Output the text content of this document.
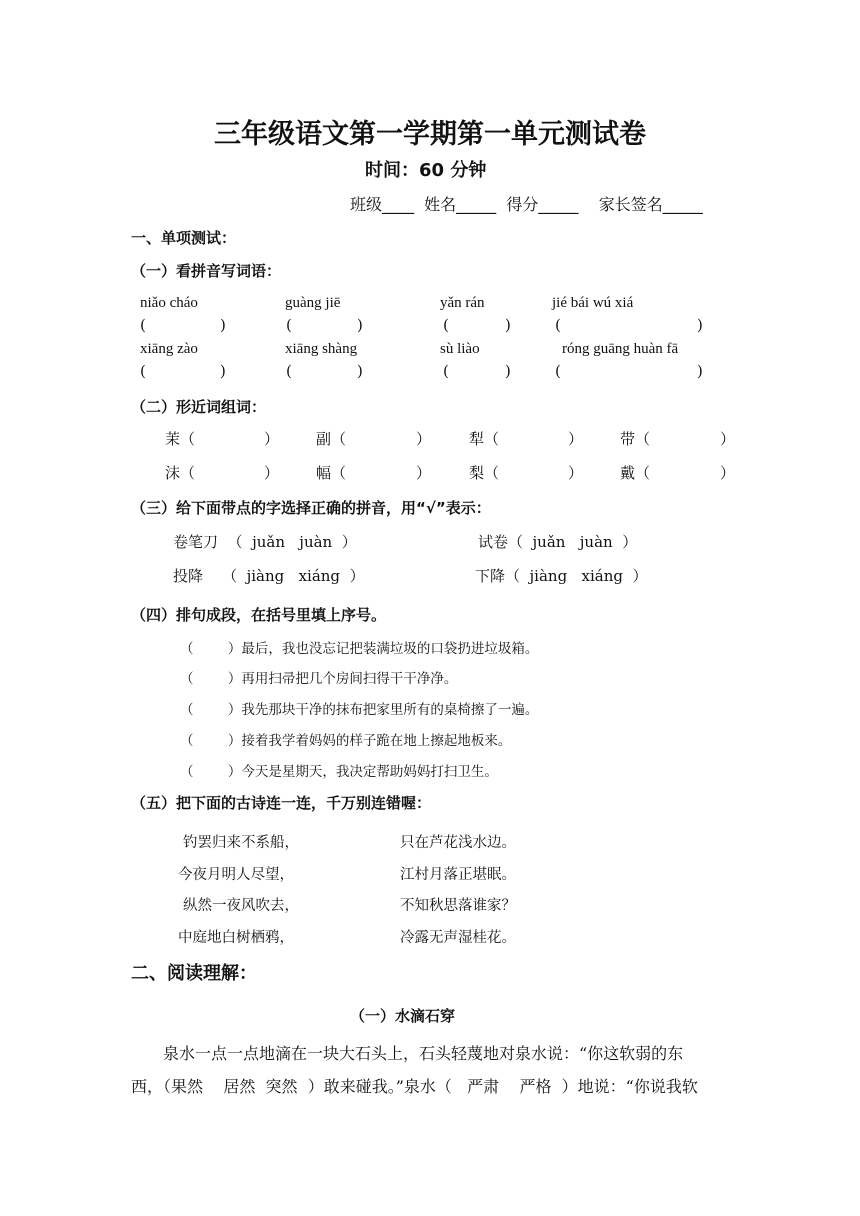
三年级语文第一学期第一单元测试卷
时间：60 分钟
班级____  姓名_____  得分_____    家长签名_____
一、单项测试：
（一）看拼音写词语：
niǎo cháo	guàng jiē	yǎn rán	jié bái wú xiá
(	)	(	)	(	)	(	)
xiāng zào	xiāng shàng	sù liào	róng guāng huàn fā
(	)	(	)	(	)	(	)
（二）形近词组词：
茉（	） 副（	）	犁（	） 带（	）
沫（	） 幅（	）	梨（	） 戴（	）
（三）给下面带点的字选择正确的拼音，用“√”表示：
卷笔刀  （  juǎn   juàn  ）	试卷（  juǎn   juàn  ）
投降    （  jiàng   xiáng  ）	下降（  jiàng   xiáng  ）
（四）排句成段，在括号里填上序号。
（        ）最后，我也没忘记把装满垃圾的口袋扔进垃圾箱。
（        ）再用扫帚把几个房间扫得干干净净。
（        ）我先那块干净的抹布把家里所有的桌椅擦了一遍。
（        ）接着我学着妈妈的样子跪在地上擦起地板来。
（        ）今天是星期天，我决定帮助妈妈打扫卫生。
（五）把下面的古诗连一连，千万别连错喔：
钓罢归来不系船，
今夜月明人尽望，
纵然一夜风吹去，
中庭地白树栖鸦，
只在芦花浅水边。
江村月落正堪眠。
不知秋思落谁家？
冷露无声湿桂花。
二、阅读理解：
（一）水滴石穿
泉水一点一点地滴在一块大石头上，石头轻蔑地对泉水说：“你这软弱的东
西，（果然    居然  突然  ）敢来碰我。”泉水（   严肃    严格  ）地说：“你说我软
